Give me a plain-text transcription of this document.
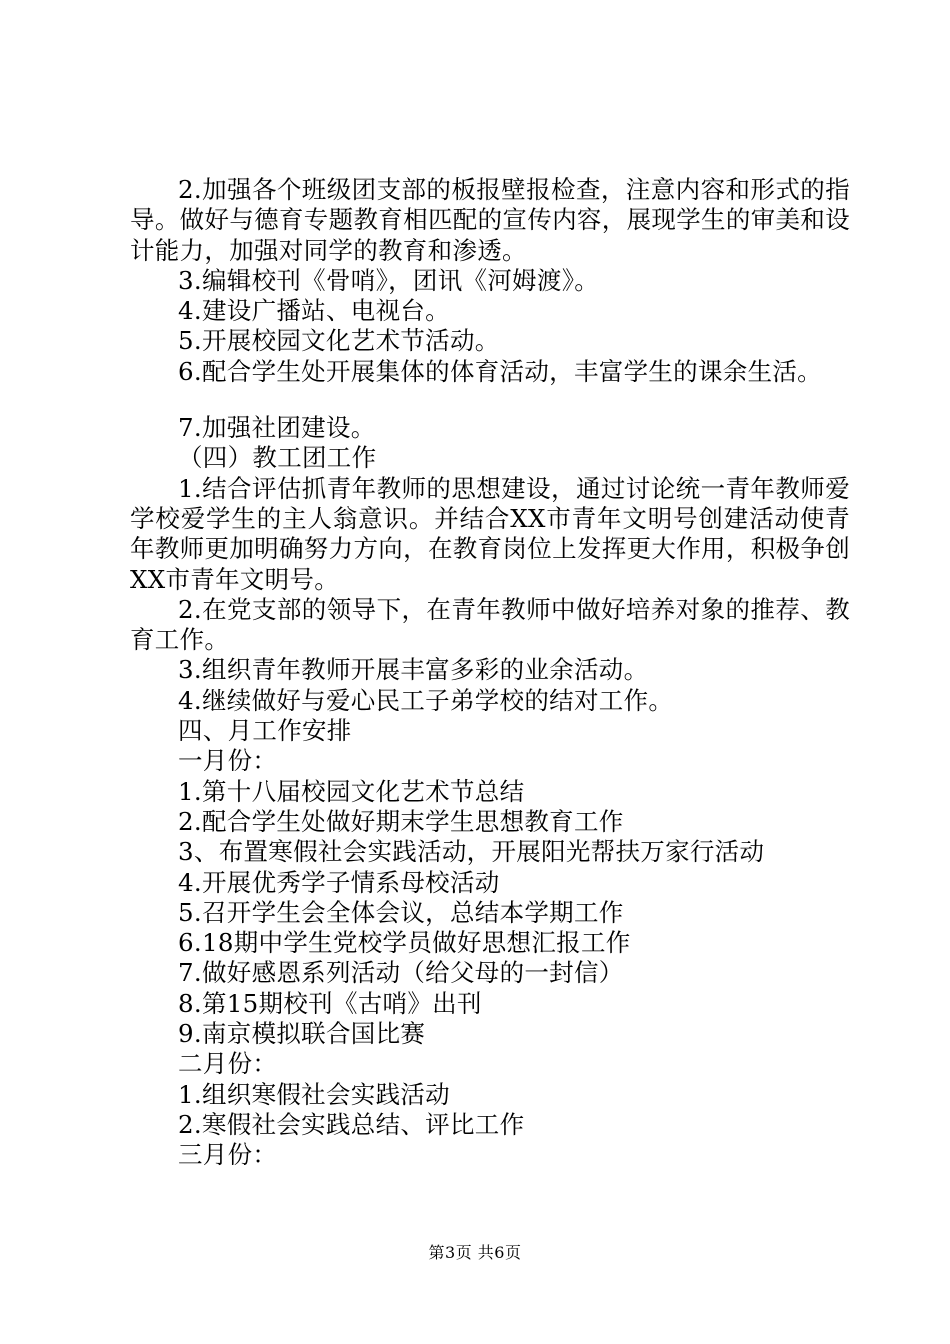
2.加强各个班级团支部的板报壁报检查，注意内容和形式的指导。做好与德育专题教育相匹配的宣传内容，展现学生的审美和设计能力，加强对同学的教育和渗透。

3.编辑校刊《骨哨》，团讯《河姆渡》。

4.建设广播站、电视台。

5.开展校园文化艺术节活动。

6.配合学生处开展集体的体育活动，丰富学生的课余生活。

7.加强社团建设。

（四）教工团工作

1.结合评估抓青年教师的思想建设，通过讨论统一青年教师爱学校爱学生的主人翁意识。并结合XX市青年文明号创建活动使青年教师更加明确努力方向，在教育岗位上发挥更大作用，积极争创XX市青年文明号。

2.在党支部的领导下，在青年教师中做好培养对象的推荐、教育工作。

3.组织青年教师开展丰富多彩的业余活动。

4.继续做好与爱心民工子弟学校的结对工作。

四、月工作安排

一月份：

1.第十八届校园文化艺术节总结

2.配合学生处做好期末学生思想教育工作

3、布置寒假社会实践活动，开展阳光帮扶万家行活动

4.开展优秀学子情系母校活动

5.召开学生会全体会议，总结本学期工作

6.18期中学生党校学员做好思想汇报工作

7.做好感恩系列活动（给父母的一封信）

8.第15期校刊《古哨》出刊

9.南京模拟联合国比赛

二月份：

1.组织寒假社会实践活动

2.寒假社会实践总结、评比工作

三月份：

第3页 共6页
